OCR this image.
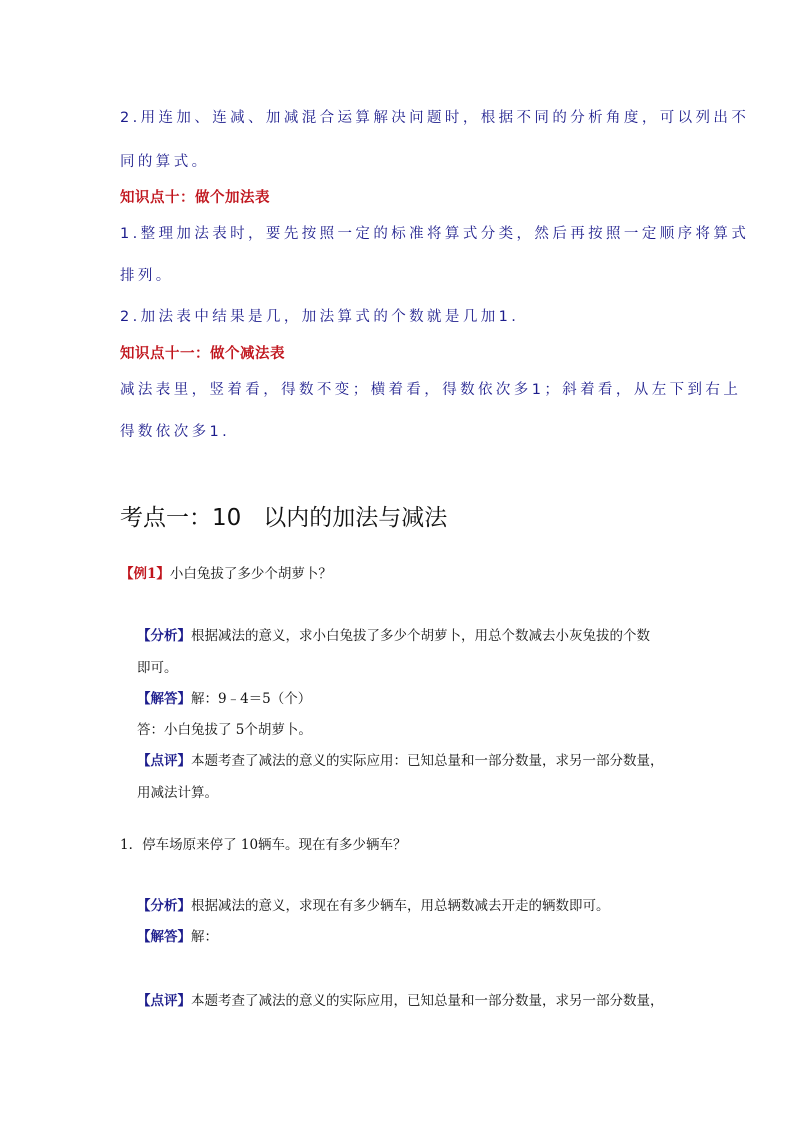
2.用连加、连减、加减混合运算解决问题时，根据不同的分析角度，可以列出不
同的算式。
知识点十：做个加法表
1.整理加法表时，要先按照一定的标准将算式分类，然后再按照一定顺序将算式
排列。
2.加法表中结果是几，加法算式的个数就是几加1.
知识点十一：做个减法表
减法表里，竖着看，得数不变；横着看，得数依次多1；斜着看，从左下到右上
得数依次多1.
考点一：10 以内的加法与减法
【例1】小白兔拔了多少个胡萝卜？
【分析】根据减法的意义，求小白兔拔了多少个胡萝卜，用总个数减去小灰兔拔的个数
即可。
【解答】解：9﹣4＝5（个）
答：小白兔拔了 5个胡萝卜。
【点评】本题考查了减法的意义的实际应用：已知总量和一部分数量，求另一部分数量，
用减法计算。
1．停车场原来停了 10辆车。现在有多少辆车？
【分析】根据减法的意义，求现在有多少辆车，用总辆数减去开走的辆数即可。
【解答】解：
【点评】本题考查了减法的意义的实际应用，已知总量和一部分数量，求另一部分数量，
